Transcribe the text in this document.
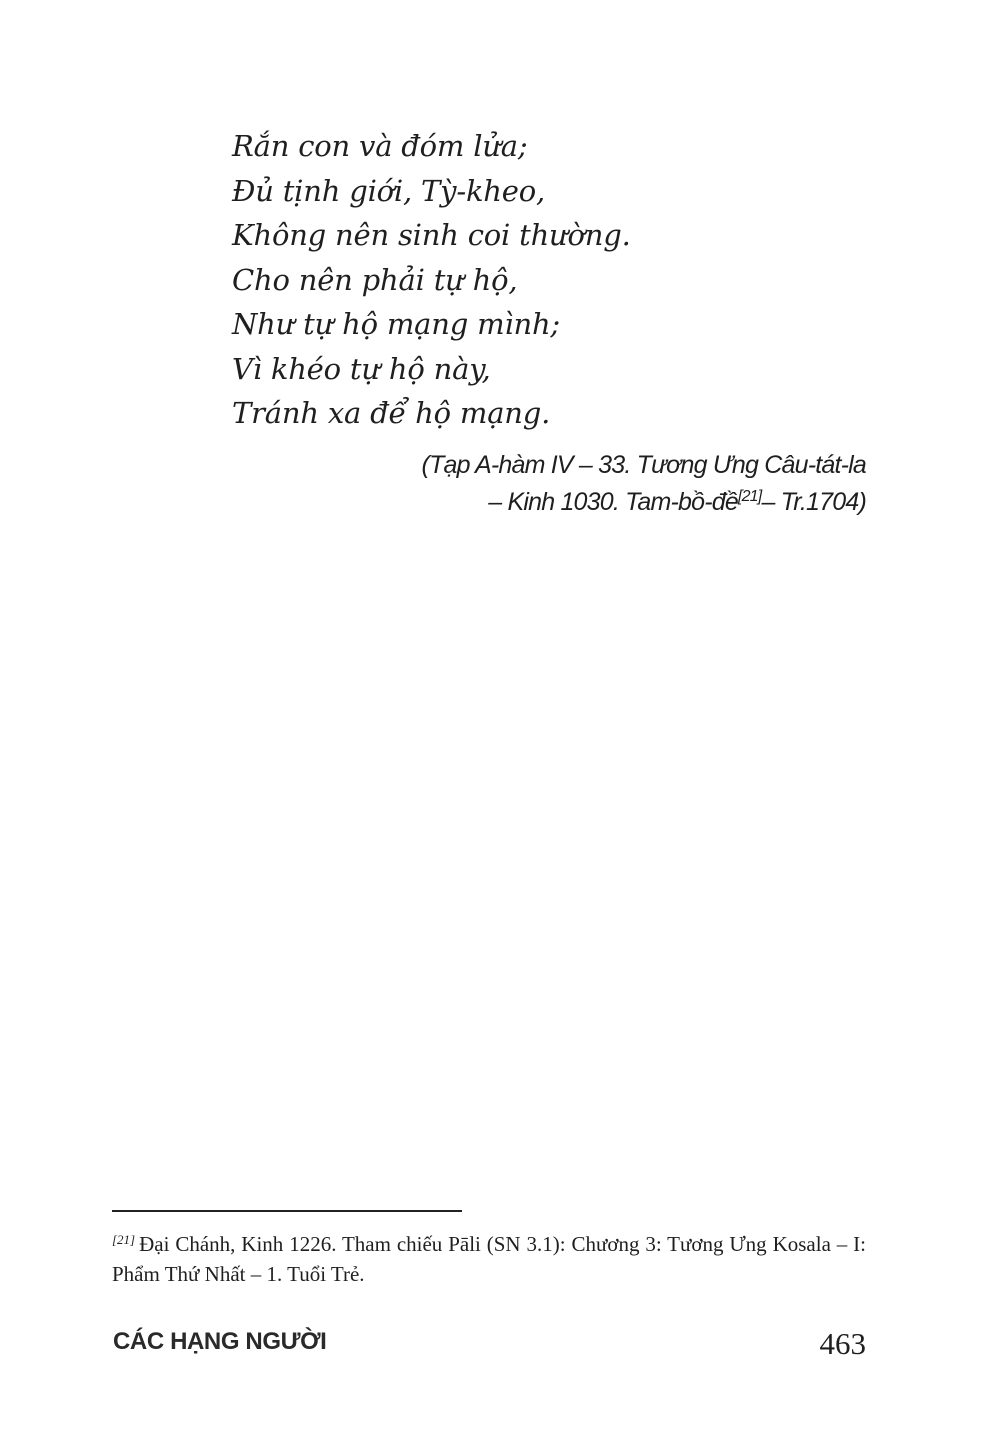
Rắn con và đóm lửa;
Đủ tịnh giới, Tỳ-kheo,
Không nên sinh coi thường.
Cho nên phải tự hộ,
Như tự hộ mạng mình;
Vì khéo tự hộ này,
Tránh xa để hộ mạng.
(Tạp A-hàm IV – 33. Tương Ưng Câu-tát-la
– Kinh 1030. Tam-bồ-đề[21]– Tr.1704)
[21] Đại Chánh, Kinh 1226. Tham chiếu Pāli (SN 3.1): Chương 3: Tương Ưng Kosala – I: Phẩm Thứ Nhất – 1. Tuổi Trẻ.
CÁC HẠNG NGƯỜI	463
